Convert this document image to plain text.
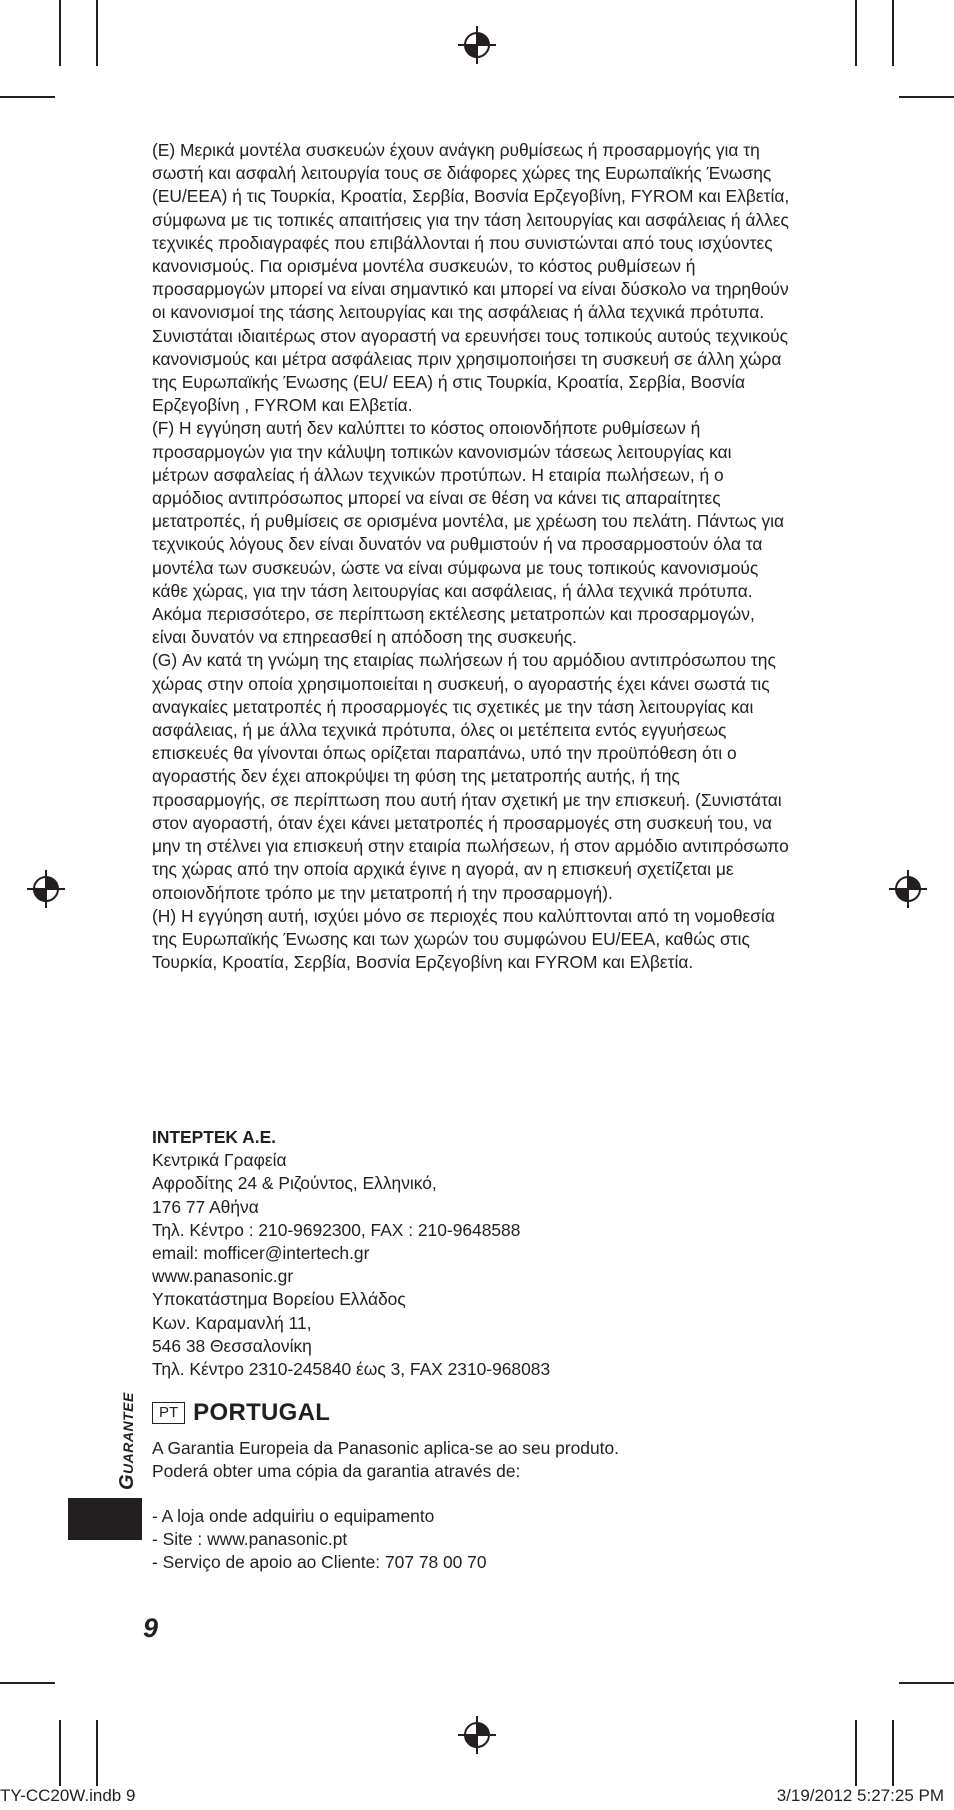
(E) Μερικά μοντέλα συσκευών έχουν ανάγκη ρυθμίσεως ή προσαρμογής για τη σωστή και ασφαλή λειτουργία τους σε διάφορες χώρες της Ευρωπαϊκής Ένωσης (EU/EEA) ή τις Τουρκία, Κροατία, Σερβία, Βοσνία Ερζεγοβίνη, FYROM και Ελβετία, σύμφωνα με τις τοπικές απαιτήσεις για την τάση λειτουργίας και ασφάλειας ή άλλες τεχνικές προδιαγραφές που επιβάλλονται ή που συνιστώνται από τους ισχύοντες κανονισμούς. Για ορισμένα μοντέλα συσκευών, το κόστος ρυθμίσεων ή προσαρμογών μπορεί να είναι σημαντικό και μπορεί να είναι δύσκολο να τηρηθούν οι κανονισμοί της τάσης λειτουργίας και της ασφάλειας ή άλλα τεχνικά πρότυπα. Συνιστάται ιδιαιτέρως στον αγοραστή να ερευνήσει τους τοπικούς αυτούς τεχνικούς κανονισμούς και μέτρα ασφάλειας πριν χρησιμοποιήσει τη συσκευή σε άλλη χώρα της Ευρωπαϊκής Ένωσης (EU/ EEA) ή στις Τουρκία, Κροατία, Σερβία, Βοσνία Ερζεγοβίνη , FYROM και Ελβετία.

(F) Η εγγύηση αυτή δεν καλύπτει το κόστος οποιονδήποτε ρυθμίσεων ή προσαρμογών για την κάλυψη τοπικών κανονισμών τάσεως λειτουργίας και μέτρων ασφαλείας ή άλλων τεχνικών προτύπων. Η εταιρία πωλήσεων, ή ο αρμόδιος αντιπρόσωπος μπορεί να είναι σε θέση να κάνει τις απαραίτητες μετατροπές, ή ρυθμίσεις σε ορισμένα μοντέλα, με χρέωση του πελάτη. Πάντως για τεχνικούς λόγους δεν είναι δυνατόν να ρυθμιστούν ή να προσαρμοστούν όλα τα μοντέλα των συσκευών, ώστε να είναι σύμφωνα με τους τοπικούς κανονισμούς κάθε χώρας, για την τάση λειτουργίας και ασφάλειας, ή άλλα τεχνικά πρότυπα. Ακόμα περισσότερο, σε περίπτωση εκτέλεσης μετατροπών και προσαρμογών, είναι δυνατόν να επηρεασθεί η απόδοση της συσκευής.

(G) Αν κατά τη γνώμη της εταιρίας πωλήσεων ή του αρμόδιου αντιπρόσωπου της χώρας στην οποία χρησιμοποιείται η συσκευή, ο αγοραστής έχει κάνει σωστά τις αναγκαίες μετατροπές ή προσαρμογές τις σχετικές με την τάση λειτουργίας και ασφάλειας, ή με άλλα τεχνικά πρότυπα, όλες οι μετέπειτα εντός εγγυήσεως επισκευές θα γίνονται όπως ορίζεται παραπάνω, υπό την προϋπόθεση ότι ο αγοραστής δεν έχει αποκρύψει τη φύση της μετατροπής αυτής, ή της προσαρμογής, σε περίπτωση που αυτή ήταν σχετική με την επισκευή. (Συνιστάται στον αγοραστή, όταν έχει κάνει μετατροπές ή προσαρμογές στη συσκευή του, να μην τη στέλνει για επισκευή στην εταιρία πωλήσεων, ή στον αρμόδιο αντιπρόσωπο της χώρας από την οποία αρχικά έγινε η αγορά, αν η επισκευή σχετίζεται με οποιονδήποτε τρόπο με την μετατροπή ή την προσαρμογή).

(H) Η εγγύηση αυτή, ισχύει μόνο σε περιοχές που καλύπτονται από τη νομοθεσία της Ευρωπαϊκής Ένωσης και των χωρών του συμφώνου EU/EEA, καθώς στις Τουρκία, Κροατία, Σερβία, Βοσνία Ερζεγοβίνη και FYROM και Ελβετία.

INTEPTEK A.E.
Κεντρικά Γραφεία
Αφροδίτης 24 & Ριζούντος, Ελληνικό,
176 77 Αθήνα
Τηλ. Κέντρο : 210-9692300, FAX : 210-9648588
email: mofficer@intertech.gr
www.panasonic.gr
Υποκατάστημα Βορείου Ελλάδος
Κων. Καραμανλή 11,
546 38 Θεσσαλονίκη
Τηλ. Κέντρο 2310-245840 έως 3, FAX 2310-968083
PT PORTUGAL
A Garantia Europeia da Panasonic aplica-se ao seu produto.
Poderá obter uma cópia da garantia através de:
- A loja onde adquiriu o equipamento
- Site : www.panasonic.pt
- Serviço de apoio ao Cliente: 707 78 00 70
GUARANTEE
9
TY-CC20W.indb 9	3/19/2012 5:27:25 PM
